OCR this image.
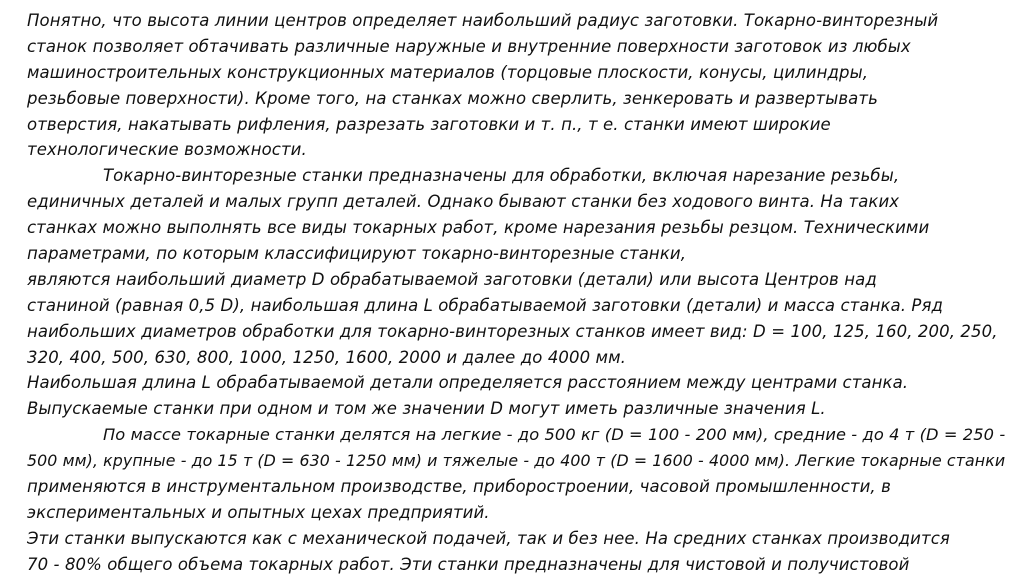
Понятно, что высота линии центров определяет наибольший радиус заготовки. Токарно-винторезный
станок позволяет обтачивать различные наружные и внутренние поверхности заготовок из любых
машиностроительных конструкционных материалов (торцовые плоскости, конусы, цилиндры,
резьбовые поверхности). Кроме того, на станках можно сверлить, зенкеровать и развертывать
отверстия, накатывать рифления, разрезать заготовки и т. п., т е. станки имеют широкие
технологические возможности.
Токарно-винторезные станки предназначены для обработки, включая нарезание резьбы,
единичных деталей и малых групп деталей. Однако бывают станки без ходового винта. На таких
станках можно выполнять все виды токарных работ, кроме нарезания резьбы резцом. Техническими
параметрами, по которым классифицируют токарно-винторезные станки,
являются наибольший диаметр D обрабатываемой заготовки (детали) или высота Центров над
станиной (равная 0,5 D), наибольшая длина L обрабатываемой заготовки (детали) и масса станка. Ряд
наибольших диаметров обработки для токарно-винторезных станков имеет вид: D = 100, 125, 160, 200, 250,
320, 400, 500, 630, 800, 1000, 1250, 1600, 2000 и далее до 4000 мм.
Наибольшая длина L обрабатываемой детали определяется расстоянием между центрами станка.
Выпускаемые станки при одном и том же значении D могут иметь различные значения L.
По массе токарные станки делятся на легкие - до 500 кг (D = 100 - 200 мм), средние - до 4 т (D = 250 -
500 мм), крупные - до 15 т (D = 630 - 1250 мм) и тяжелые - до 400 т (D = 1600 - 4000 мм). Легкие токарные станки
применяются в инструментальном производстве, приборостроении, часовой промышленности, в
экспериментальных и опытных цехах предприятий.
Эти станки выпускаются как с механической подачей, так и без нее. На средних станках производится
70 - 80% общего объема токарных работ. Эти станки предназначены для чистовой и получистовой
